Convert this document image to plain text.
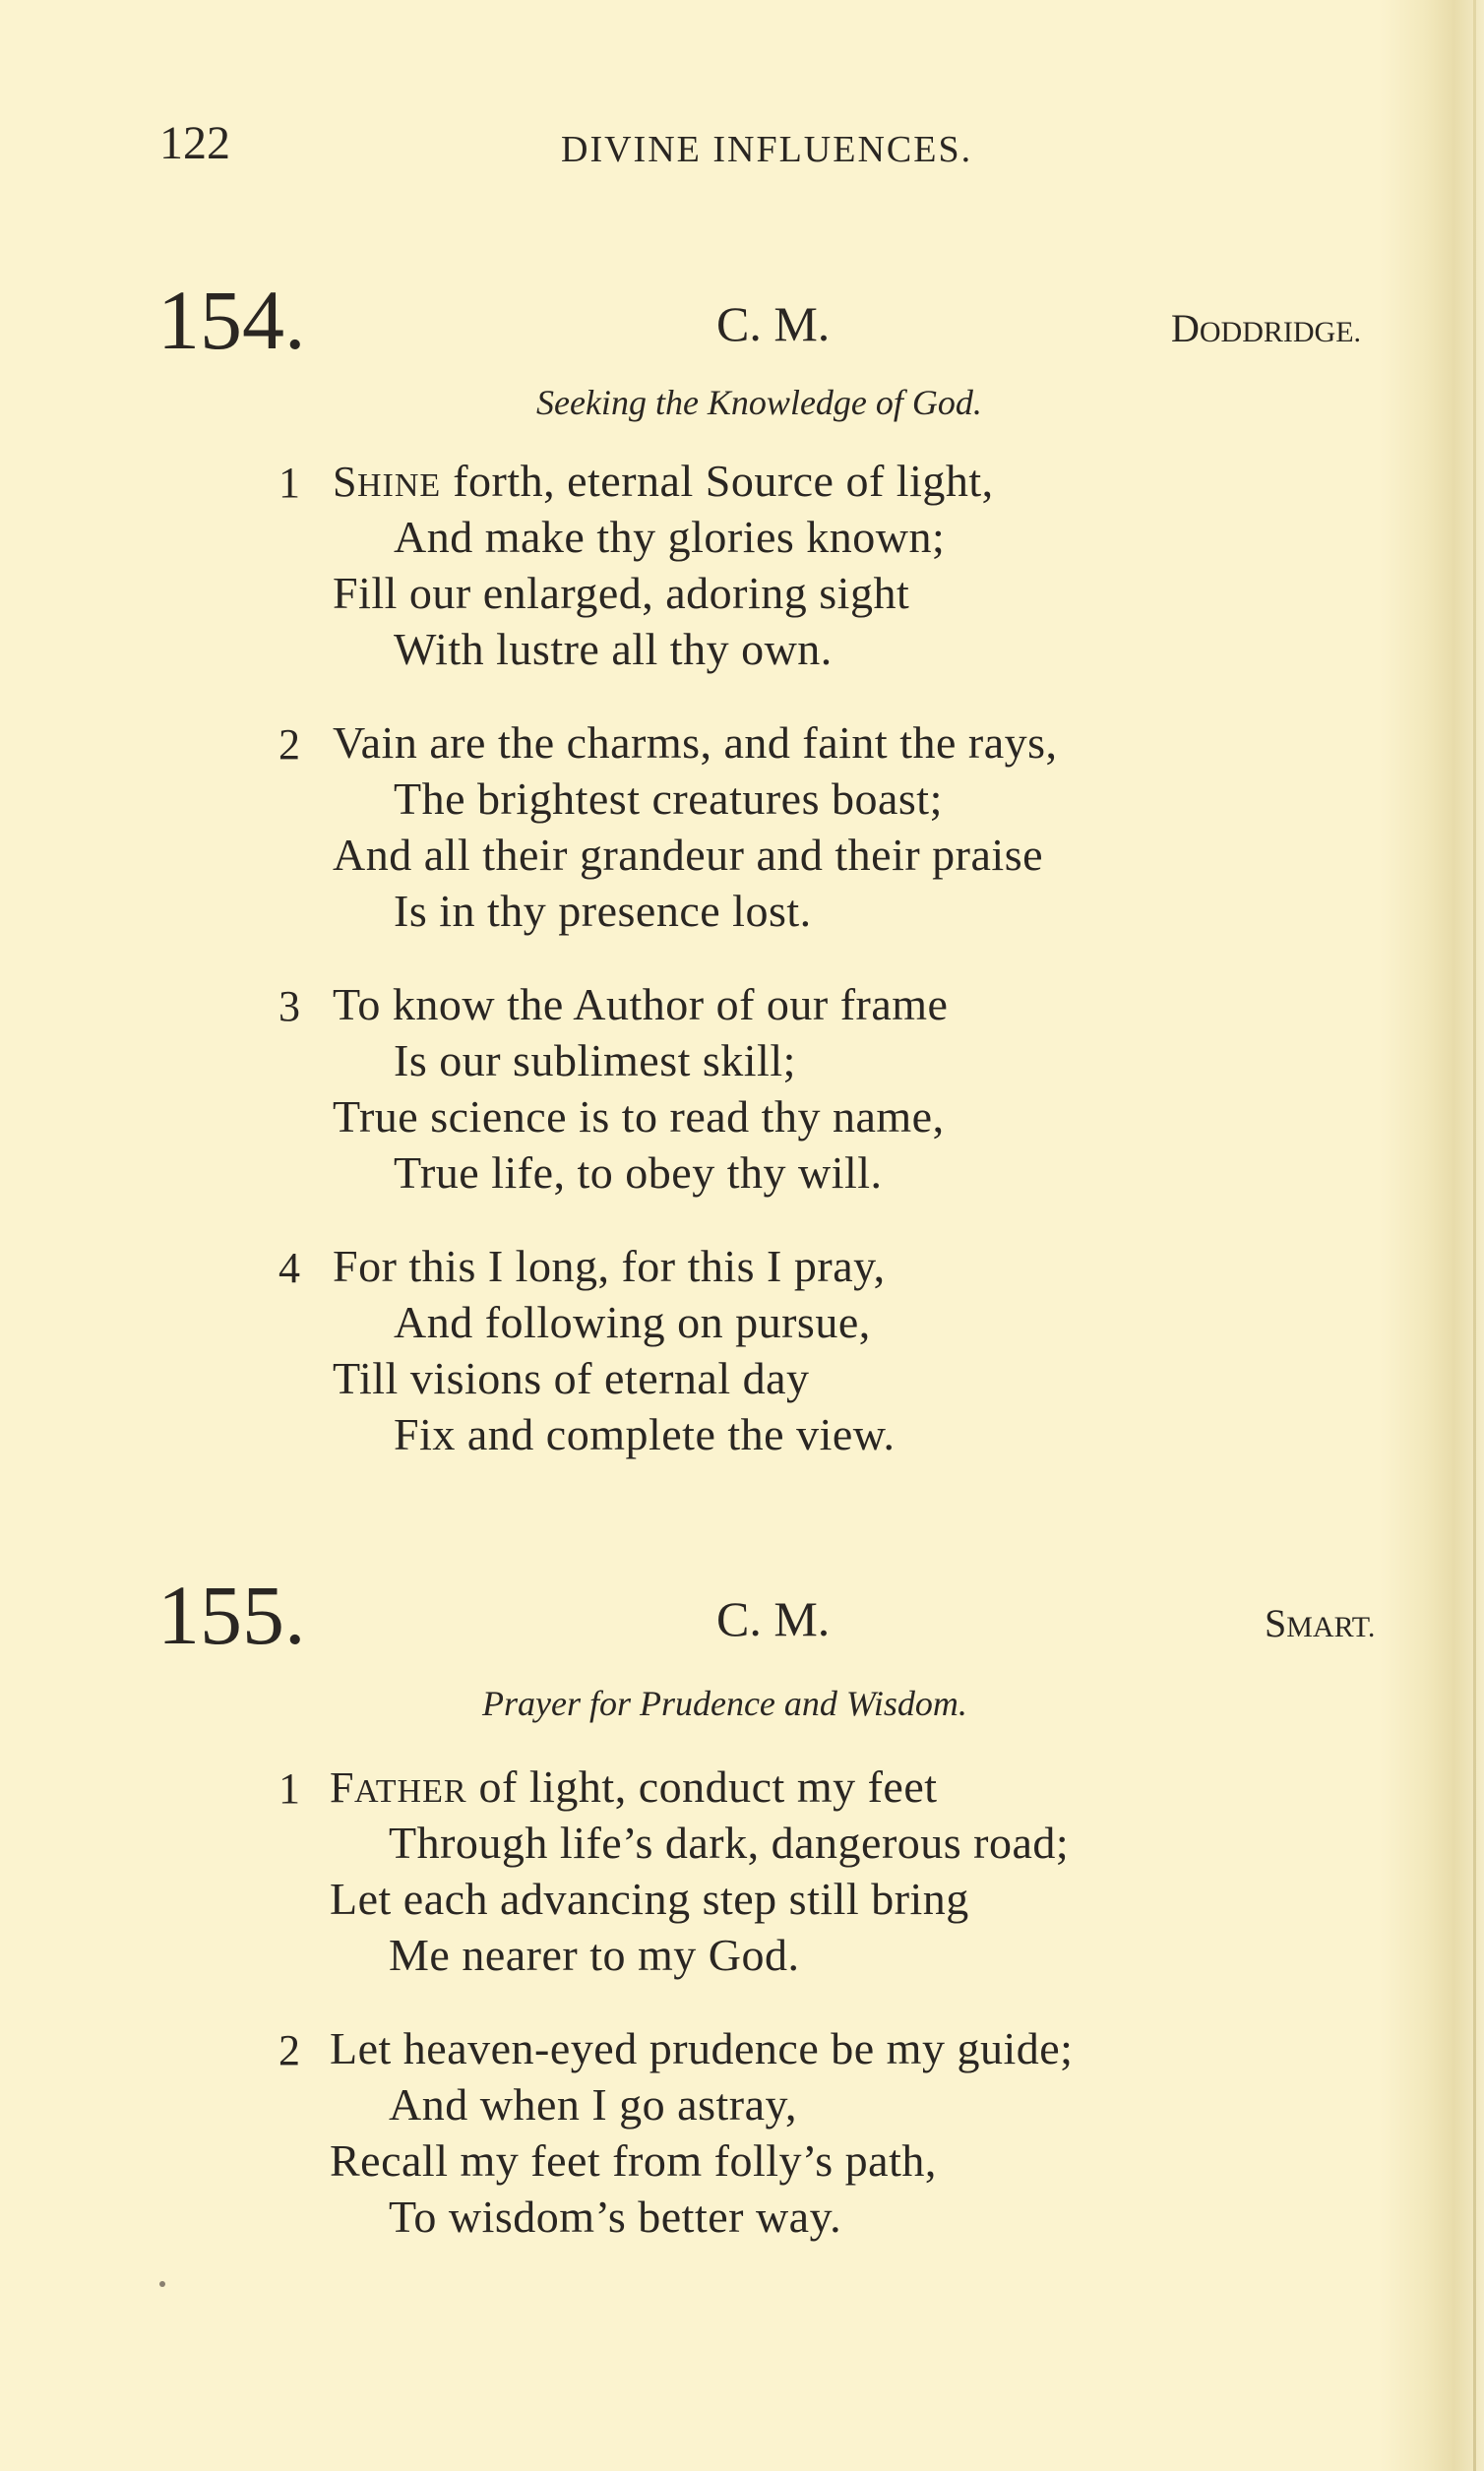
122	DIVINE INFLUENCES.
154.	C. M.	DODDRIDGE.
Seeking the Knowledge of God.
1 SHINE forth, eternal Source of light,
And make thy glories known;
Fill our enlarged, adoring sight
With lustre all thy own.
2 Vain are the charms, and faint the rays,
The brightest creatures boast;
And all their grandeur and their praise
Is in thy presence lost.
3 To know the Author of our frame
Is our sublimest skill;
True science is to read thy name,
True life, to obey thy will.
4 For this I long, for this I pray,
And following on pursue,
Till visions of eternal day
Fix and complete the view.
155.	C. M.	SMART.
Prayer for Prudence and Wisdom.
1 FATHER of light, conduct my feet
Through life’s dark, dangerous road;
Let each advancing step still bring
Me nearer to my God.
2 Let heaven-eyed prudence be my guide;
And when I go astray,
Recall my feet from folly’s path,
To wisdom’s better way.
